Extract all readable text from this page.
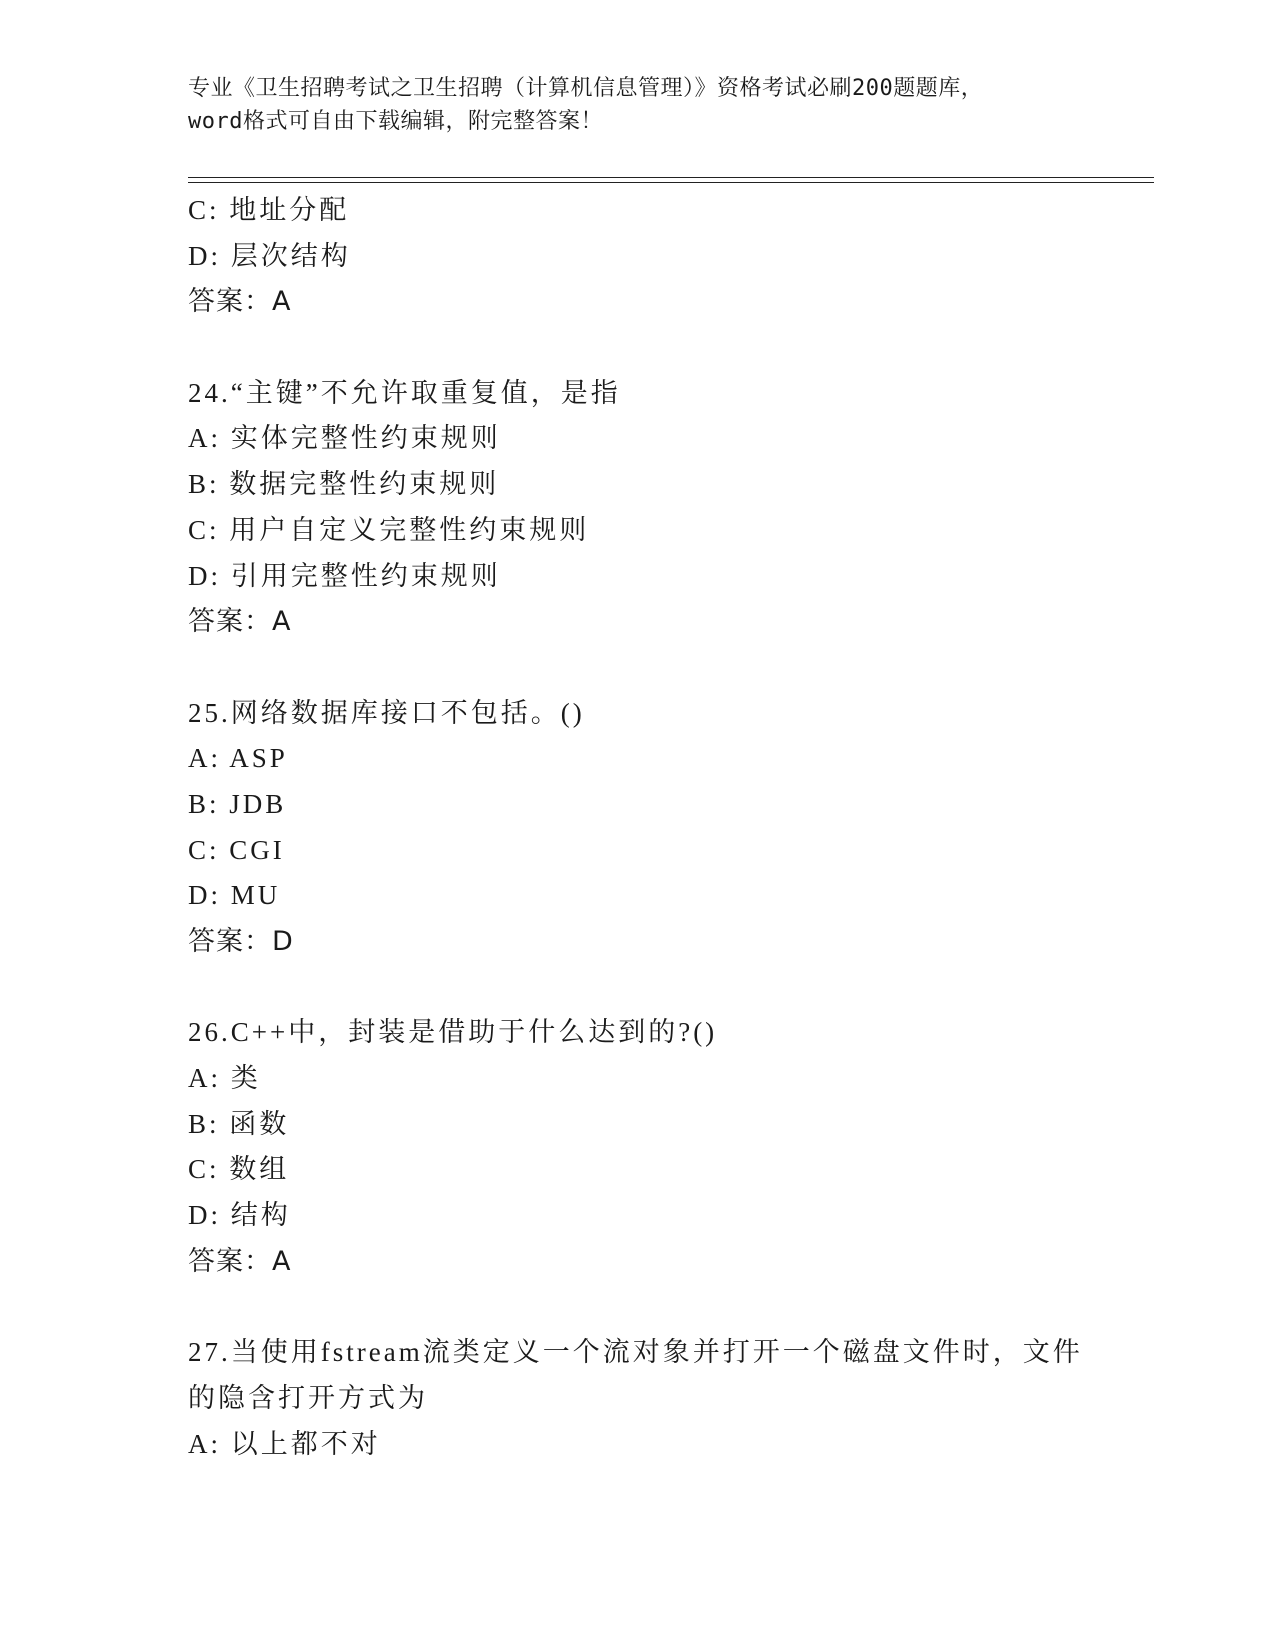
专业《卫生招聘考试之卫生招聘（计算机信息管理）》资格考试必刷200题题库，
word格式可自由下载编辑，附完整答案！
C: 地址分配
D: 层次结构
答案：A
24.“主键”不允许取重复值，是指
A: 实体完整性约束规则
B: 数据完整性约束规则
C: 用户自定义完整性约束规则
D: 引用完整性约束规则
答案：A
25.网络数据库接口不包括。()
A: ASP
B: JDB
C: CGI
D: MU
答案：D
26.C++中，封装是借助于什么达到的?()
A: 类
B: 函数
C: 数组
D: 结构
答案：A
27.当使用fstream流类定义一个流对象并打开一个磁盘文件时，文件
的隐含打开方式为
A: 以上都不对
